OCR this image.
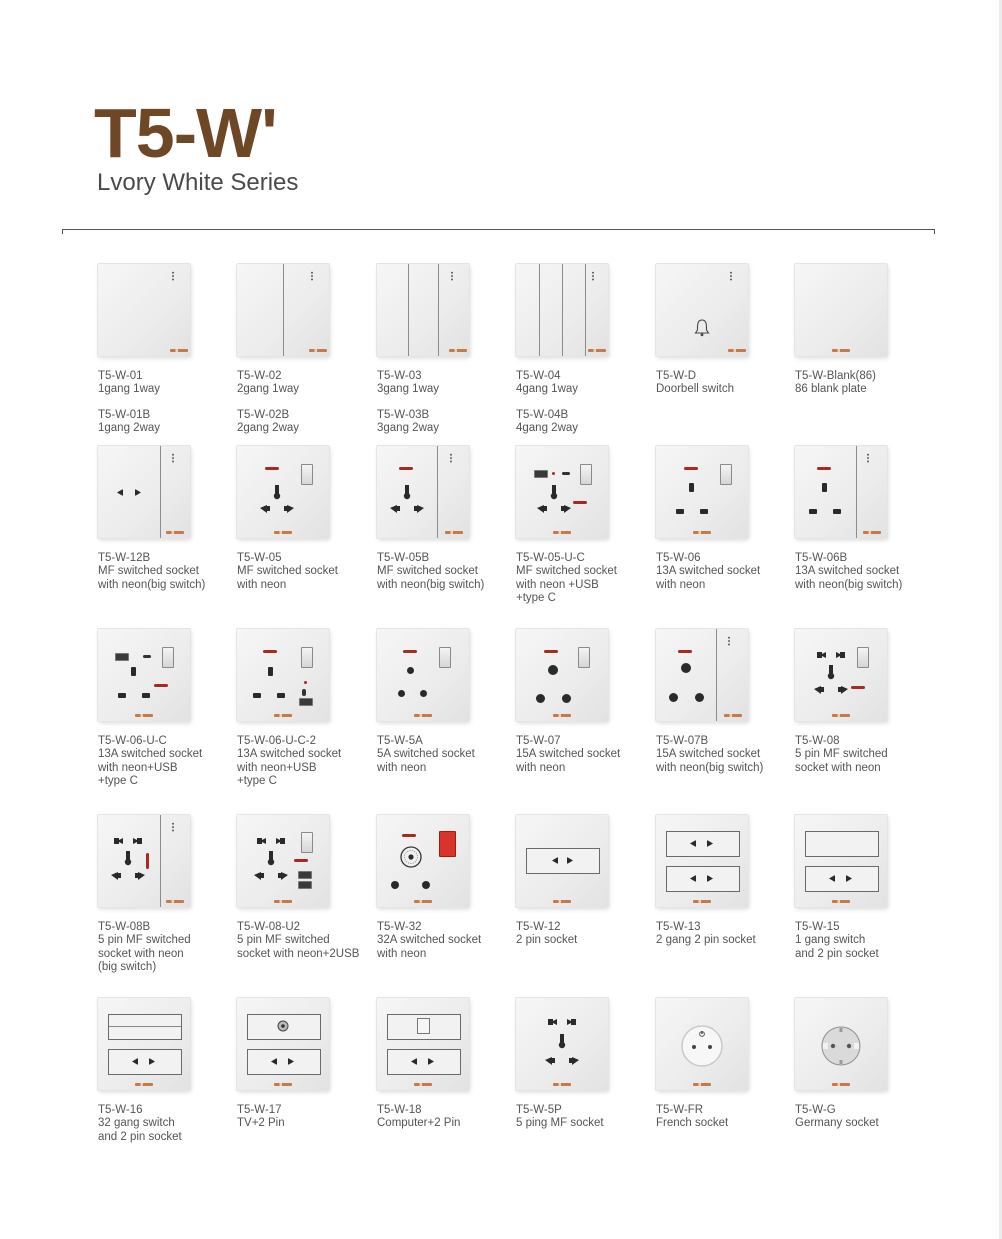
T5-W'
Lvory White Series
T5-W-01
1gang 1way
T5-W-01B
1gang 2way
T5-W-02
2gang 1way
T5-W-02B
2gang 2way
T5-W-03
3gang 1way
T5-W-03B
3gang 2way
T5-W-04
4gang 1way
T5-W-04B
4gang 2way
T5-W-D
Doorbell switch
T5-W-Blank(86)
86 blank plate
T5-W-12B
MF switched socket
with neon(big switch)
T5-W-05
MF switched socket
with neon
T5-W-05B
MF switched socket
with neon(big switch)
T5-W-05-U-C
MF switched socket
with neon +USB
+type C
T5-W-06
13A switched socket
with neon
T5-W-06B
13A switched socket
with neon(big switch)
T5-W-06-U-C
13A switched socket
with neon+USB
+type C
T5-W-06-U-C-2
13A switched socket
with neon+USB
+type C
T5-W-5A
5A switched socket
with neon
T5-W-07
15A switched socket
with neon
T5-W-07B
15A switched socket
with neon(big switch)
T5-W-08
5 pin MF switched
socket with neon
T5-W-08B
5 pin MF switched
socket with neon
(big switch)
T5-W-08-U2
5 pin MF switched
socket with neon+2USB
T5-W-32
32A switched socket
with neon
T5-W-12
2 pin socket
T5-W-13
2 gang 2 pin socket
T5-W-15
1 gang switch
and 2 pin socket
T5-W-16
32 gang switch
and 2 pin socket
T5-W-17
TV+2 Pin
T5-W-18
Computer+2 Pin
T5-W-5P
5 ping MF socket
T5-W-FR
French socket
T5-W-G
Germany socket
